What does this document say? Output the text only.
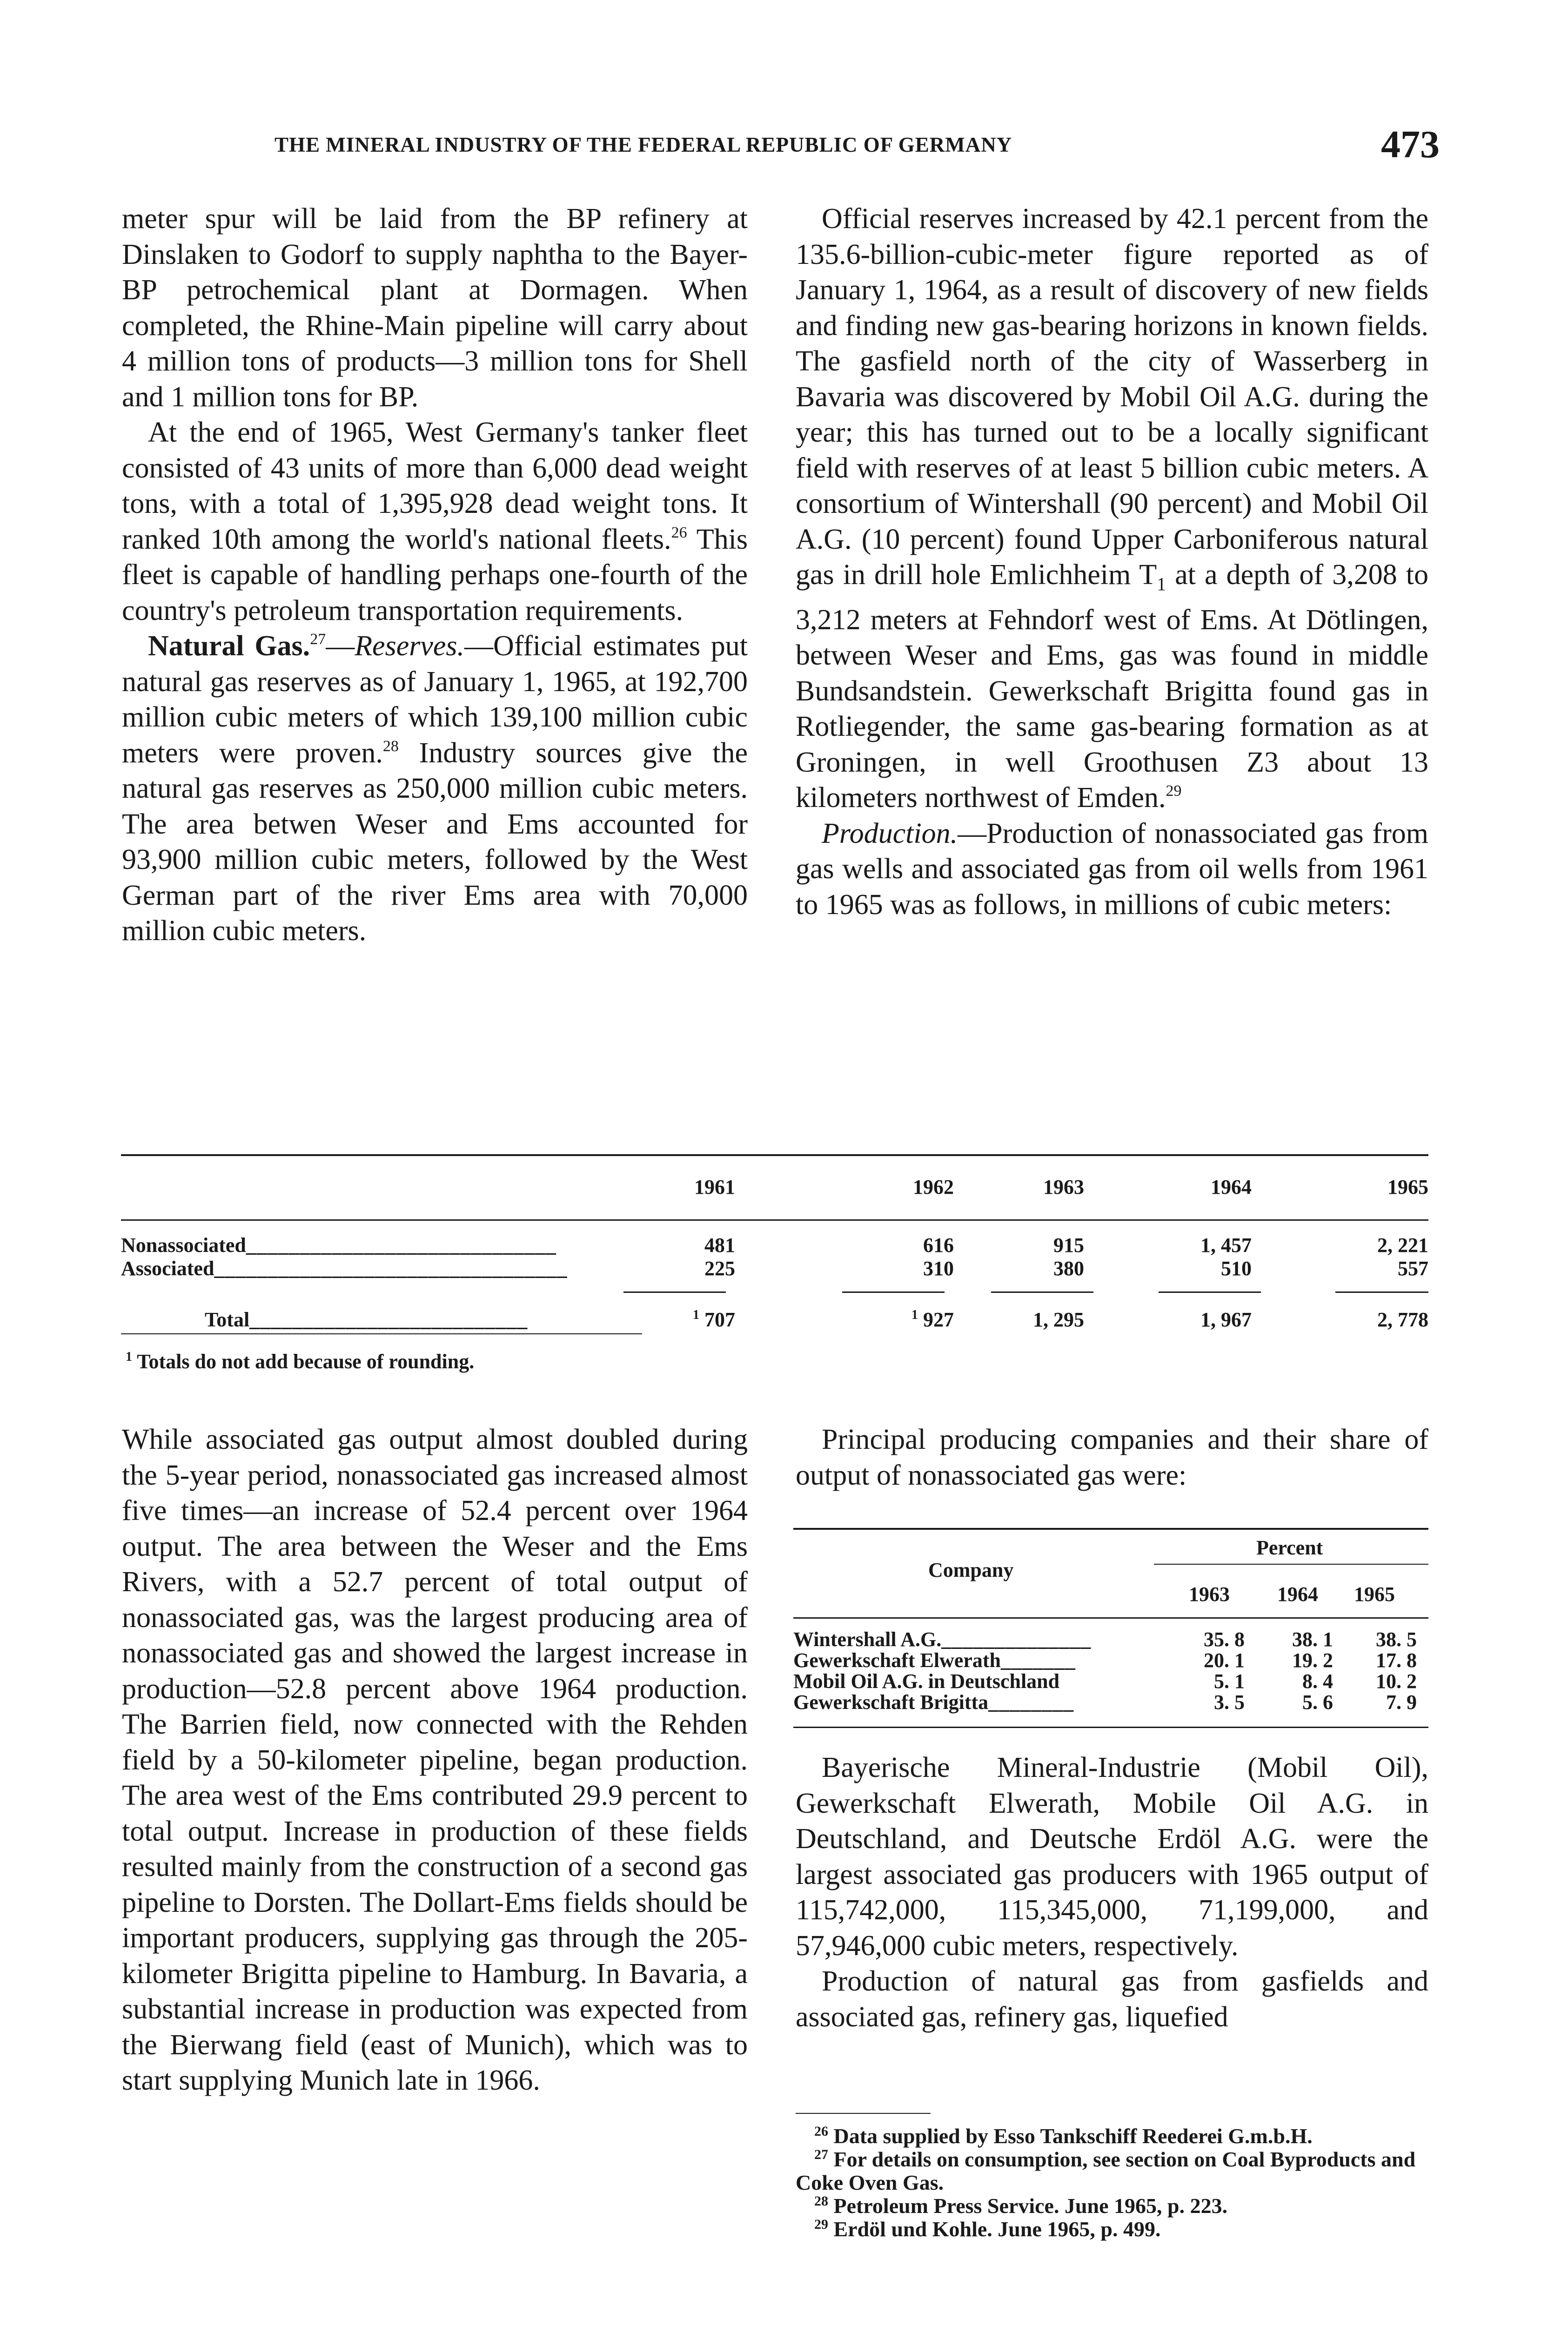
THE MINERAL INDUSTRY OF THE FEDERAL REPUBLIC OF GERMANY	473

meter spur will be laid from the BP refinery at Dinslaken to Godorf to supply naphtha to the Bayer-BP petrochemical plant at Dormagen. When completed, the Rhine-Main pipeline will carry about 4 million tons of products—3 million tons for Shell and 1 million tons for BP.

At the end of 1965, West Germany's tanker fleet consisted of 43 units of more than 6,000 dead weight tons, with a total of 1,395,928 dead weight tons. It ranked 10th among the world's national fleets.$^{26}$ This fleet is capable of handling perhaps one-fourth of the country's petroleum transportation requirements.

Natural Gas.$^{27}$—Reserves.—Official estimates put natural gas reserves as of January 1, 1965, at 192,700 million cubic meters of which 139,100 million cubic meters were proven.$^{28}$ Industry sources give the natural gas reserves as 250,000 million cubic meters. The area betwen Weser and Ems accounted for 93,900 million cubic meters, followed by the West German part of the river Ems area with 70,000 million cubic meters.

Official reserves increased by 42.1 percent from the 135.6-billion-cubic-meter figure reported as of January 1, 1964, as a result of discovery of new fields and finding new gas-bearing horizons in known fields. The gasfield north of the city of Wasserberg in Bavaria was discovered by Mobil Oil A.G. during the year; this has turned out to be a locally significant field with reserves of at least 5 billion cubic meters. A consortium of Wintershall (90 percent) and Mobil Oil A.G. (10 percent) found Upper Carboniferous natural gas in drill hole Emlichheim $T_1$ at a depth of 3,208 to 3,212 meters at Fehndorf west of Ems. At Dötlingen, between Weser and Ems, gas was found in middle Bundsandstein. Gewerkschaft Brigitta found gas in Rotliegender, the same gas-bearing formation as at Groningen, in well Groothusen Z3 about 13 kilometers northwest of Emden.$^{29}$

Production.—Production of nonassociated gas from gas wells and associated gas from oil wells from 1961 to 1965 was as follows, in millions of cubic meters:

1961	1962	1963	1964	1965
Nonassociated_____________________________	481	616	915	1, 457	2, 221
Associated_________________________________	225	310	380	510	557
Total__________________________	$^1$ 707	$^1$ 927	1, 295	1, 967	2, 778
$^1$ Totals do not add because of rounding.

While associated gas output almost doubled during the 5-year period, nonassociated gas increased almost five times—an increase of 52.4 percent over 1964 output. The area between the Weser and the Ems Rivers, with a 52.7 percent of total output of nonassociated gas, was the largest producing area of nonassociated gas and showed the largest increase in production—52.8 percent above 1964 production. The Barrien field, now connected with the Rehden field by a 50-kilometer pipeline, began production. The area west of the Ems contributed 29.9 percent to total output. Increase in production of these fields resulted mainly from the construction of a second gas pipeline to Dorsten. The Dollart-Ems fields should be important producers, supplying gas through the 205-kilometer Brigitta pipeline to Hamburg. In Bavaria, a substantial increase in production was expected from the Bierwang field (east of Munich), which was to start supplying Munich late in 1966.

Principal producing companies and their share of output of nonassociated gas were:

Company
Percent
1963 1964 1965
Wintershall A.G.______________	35. 8	38. 1	38. 5
Gewerkschaft Elwerath_______	20. 1	19. 2	17. 8
Mobil Oil A.G. in Deutschland	5. 1	8. 4	10. 2
Gewerkschaft Brigitta________	3. 5	5. 6	7. 9

Bayerische Mineral-Industrie (Mobil Oil), Gewerkschaft Elwerath, Mobile Oil A.G. in Deutschland, and Deutsche Erdöl A.G. were the largest associated gas producers with 1965 output of 115,742,000, 115,345,000, 71,199,000, and 57,946,000 cubic meters, respectively.

Production of natural gas from gasfields and associated gas, refinery gas, liquefied

$^{26}$ Data supplied by Esso Tankschiff Reederei G.m.b.H.
$^{27}$ For details on consumption, see section on Coal Byproducts and Coke Oven Gas.
$^{28}$ Petroleum Press Service. June 1965, p. 223.
$^{29}$ Erdöl und Kohle. June 1965, p. 499.
